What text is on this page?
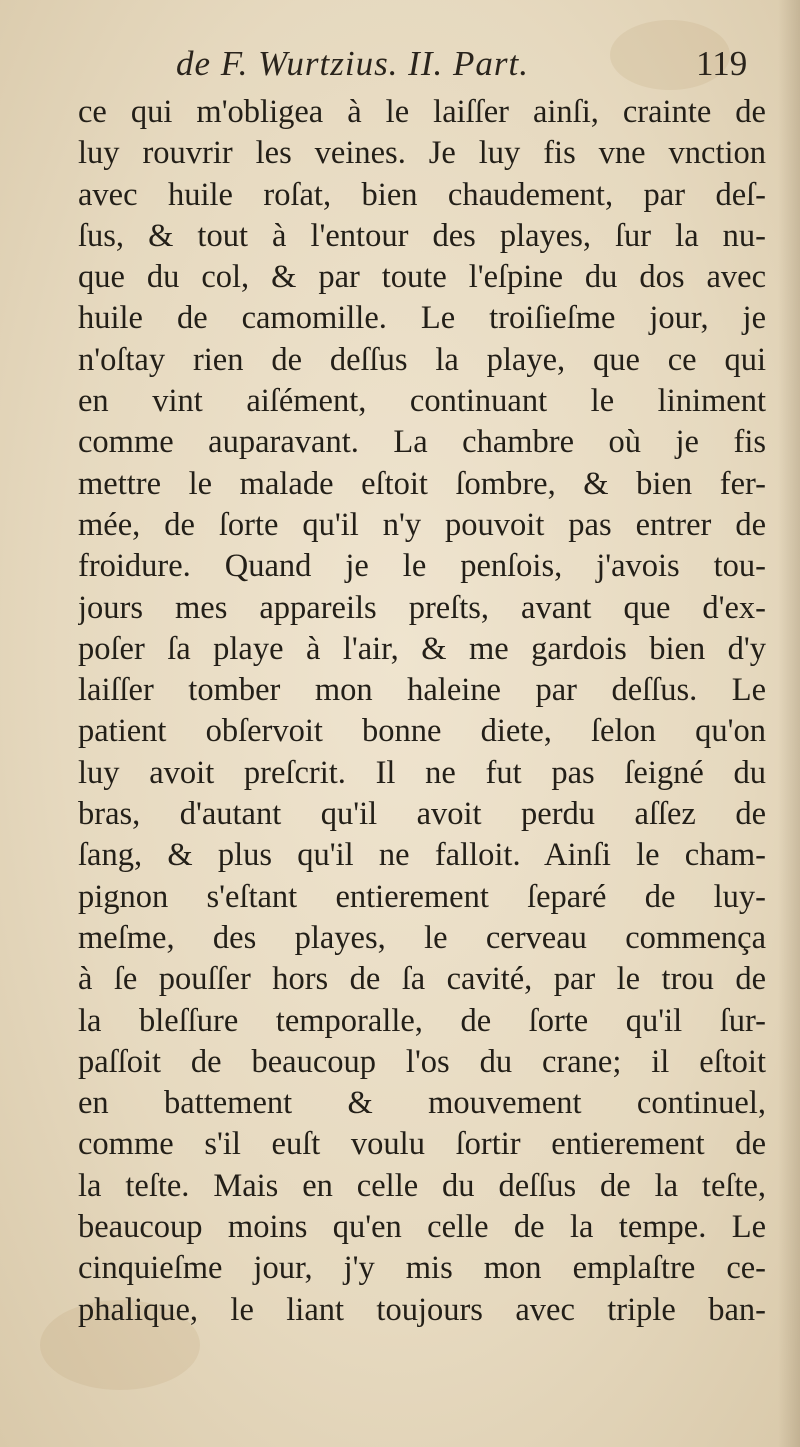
de F. Wurtzius. II. Part.	119
ce qui m'obligea à le laiſſer ainſi, crainte de
luy rouvrir les veines. Je luy fis vne vnction
avec huile roſat, bien chaudement, par deſ-
ſus, & tout à l'entour des playes, ſur la nu-
que du col, & par toute l'eſpine du dos avec
huile de camomille. Le troiſieſme jour, je
n'oſtay rien de deſſus la playe, que ce qui
en vint aiſément, continuant le liniment
comme auparavant. La chambre où je fis
mettre le malade eſtoit ſombre, & bien fer-
mée, de ſorte qu'il n'y pouvoit pas entrer de
froidure. Quand je le penſois, j'avois tou-
jours mes appareils preſts, avant que d'ex-
poſer ſa playe à l'air, & me gardois bien d'y
laiſſer tomber mon haleine par deſſus. Le
patient obſervoit bonne diete, ſelon qu'on
luy avoit preſcrit. Il ne fut pas ſeigné du
bras, d'autant qu'il avoit perdu aſſez de
ſang, & plus qu'il ne falloit. Ainſi le cham-
pignon s'eſtant entierement ſeparé de luy-
meſme, des playes, le cerveau commença
à ſe pouſſer hors de ſa cavité, par le trou de
la bleſſure temporalle, de ſorte qu'il ſur-
paſſoit de beaucoup l'os du crane; il eſtoit
en battement & mouvement continuel,
comme s'il euſt voulu ſortir entierement de
la teſte. Mais en celle du deſſus de la teſte,
beaucoup moins qu'en celle de la tempe. Le
cinquieſme jour, j'y mis mon emplaſtre ce-
phalique, le liant toujours avec triple ban-
